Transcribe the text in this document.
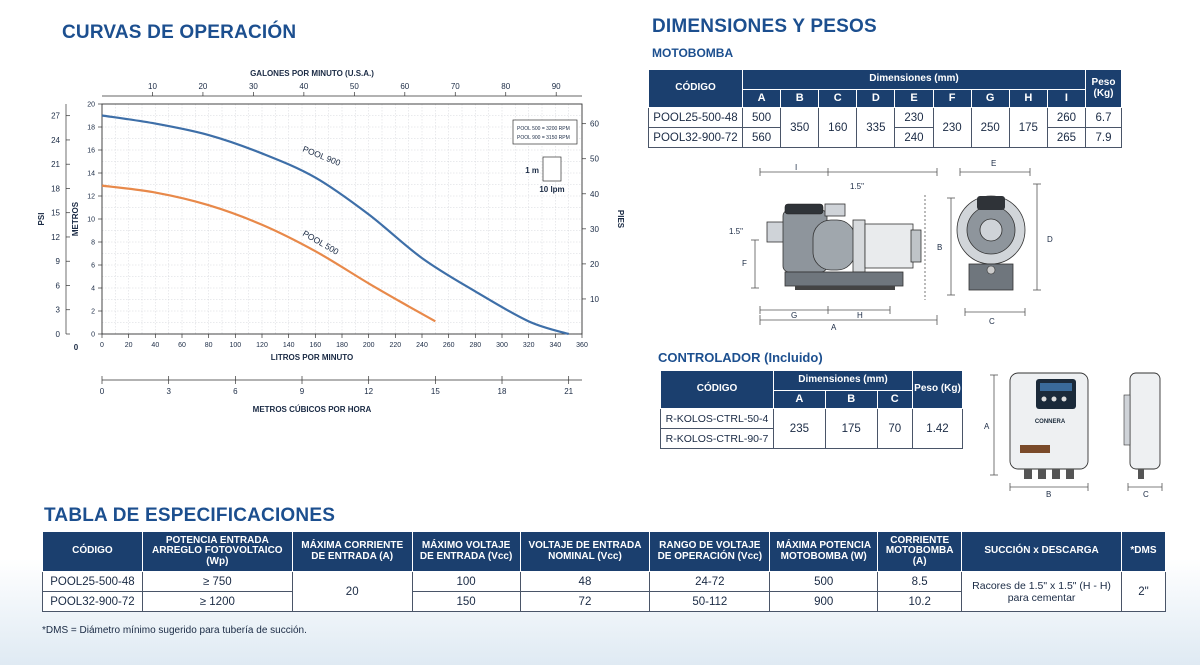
CURVAS DE OPERACIÓN	DIMENSIONES Y PESOS
MOTOBOMBA
CONTROLADOR (Incluido)
TABLA DE ESPECIFICACIONES
0	20	40	60	80 100 120 140 160 180 200 220 240 260 280 300 320 340 360
LITROS POR MINUTO
10	20	30	40	50	60	70	80	90
GALONES POR MINUTO (U.S.A.)
0	3	6	9	12	15	18	21
METROS CÚBICOS POR HORA
0
2
4
6
8
10
12
14
16
18
20
METROS
0
3
6
9
12
15
18
21
24
27
PSI
0
10
20
30
40
50
60
PIES
POOL 900
POOL 500
POOL 500 = 3200 RPM
POOL 900 = 3150 RPM
1 m
10 lpm
CÓDIGO	Dimensiones (mm)									Peso (Kg)
	A	B	C	D	E	F	G	H	I	
POOL25-500-48	500	350	160	335	230	230	250	175	260	6.7
POOL32-900-72	560				240				265	7.9
I
1.5"
1.5"
F
G	H
A
B
E
D
C
CÓDIGO	Dimensiones (mm)			Peso (Kg)
	A	B	C	
R-KOLOS-CTRL-50-4	235	175	70	1.42
R-KOLOS-CTRL-90-7				
CONNERA
A
B	C
CÓDIGO	POTENCIA ENTRADA ARREGLO FOTOVOLTAICO (Wp)	MÁXIMA CORRIENTE DE ENTRADA (A)	MÁXIMO VOLTAJE DE ENTRADA (Vcc)	VOLTAJE DE ENTRADA NOMINAL (Vcc)	RANGO DE VOLTAJE DE OPERACIÓN (Vcc)	MÁXIMA POTENCIA MOTOBOMBA (W)	CORRIENTE MOTOBOMBA (A)	SUCCIÓN x DESCARGA	*DMS
POOL25-500-48	≥ 750	20	100	48	24-72	500	8.5	Racores de 1.5" x 1.5" (H - H) para cementar	2"
POOL32-900-72	≥ 1200		150	72	50-112	900	10.2		
*DMS = Diámetro mínimo sugerido para tubería de succión.
